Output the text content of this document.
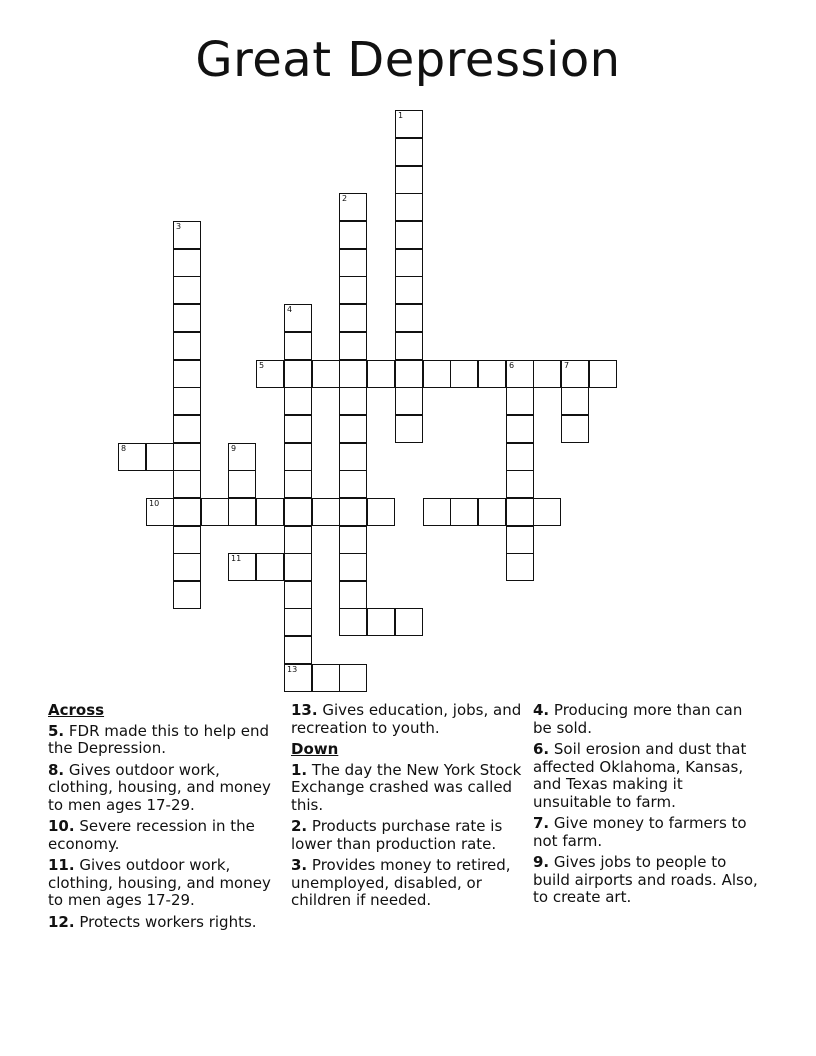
Great Depression
1
2
3
4
13
5	6	7
8	9
10
11
Across
5. FDR made this to help end the Depression.
8. Gives outdoor work, clothing, housing, and money to men ages 17-29.
10. Severe recession in the economy.
11. Gives outdoor work, clothing, housing, and money to men ages 17-29.
12. Protects workers rights.
13. Gives education, jobs, and recreation to youth.
Down
1. The day the New York Stock Exchange crashed was called this.
2. Products purchase rate is lower than production rate.
3. Provides money to retired, unemployed, disabled, or children if needed.
4. Producing more than can be sold.
6. Soil erosion and dust that affected Oklahoma, Kansas, and Texas making it unsuitable to farm.
7. Give money to farmers to not farm.
9. Gives jobs to people to build airports and roads. Also, to create art.
